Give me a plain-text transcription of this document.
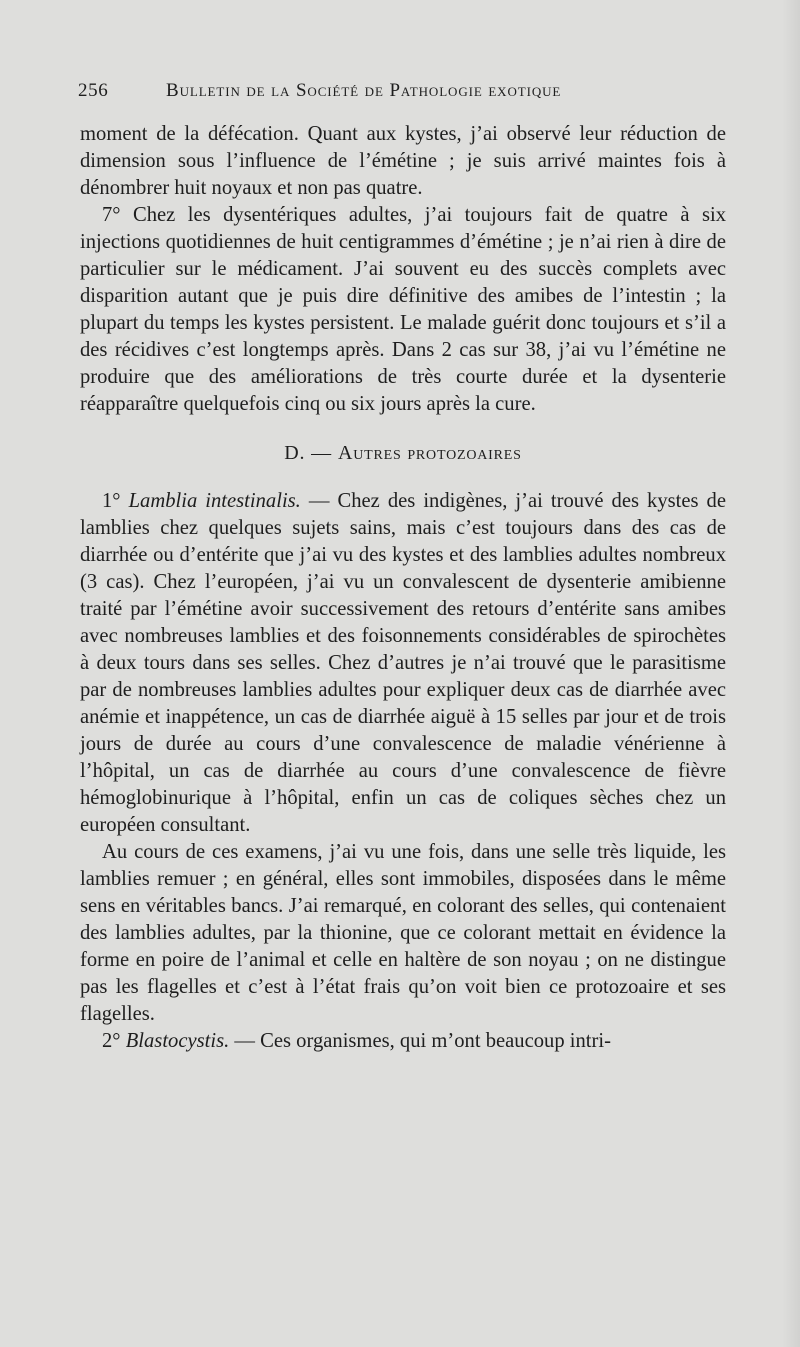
256	Bulletin de la Société de Pathologie exotique

moment de la défécation. Quant aux kystes, j’ai observé leur réduction de dimension sous l’influence de l’émétine ; je suis arrivé maintes fois à dénombrer huit noyaux et non pas quatre.

7° Chez les dysentériques adultes, j’ai toujours fait de quatre à six injections quotidiennes de huit centigrammes d’émétine ; je n’ai rien à dire de particulier sur le médicament. J’ai souvent eu des succès complets avec disparition autant que je puis dire définitive des amibes de l’intestin ; la plupart du temps les kystes persistent. Le malade guérit donc toujours et s’il a des récidives c’est longtemps après. Dans 2 cas sur 38, j’ai vu l’émétine ne produire que des améliorations de très courte durée et la dysenterie réapparaître quelquefois cinq ou six jours après la cure.

D. — Autres protozoaires

1° Lamblia intestinalis. — Chez des indigènes, j’ai trouvé des kystes de lamblies chez quelques sujets sains, mais c’est toujours dans des cas de diarrhée ou d’entérite que j’ai vu des kystes et des lamblies adultes nombreux (3 cas). Chez l’européen, j’ai vu un convalescent de dysenterie amibienne traité par l’émétine avoir successivement des retours d’entérite sans amibes avec nombreuses lamblies et des foisonnements considérables de spirochètes à deux tours dans ses selles. Chez d’autres je n’ai trouvé que le parasitisme par de nombreuses lamblies adultes pour expliquer deux cas de diarrhée avec anémie et inappétence, un cas de diarrhée aiguë à 15 selles par jour et de trois jours de durée au cours d’une convalescence de maladie vénérienne à l’hôpital, un cas de diarrhée au cours d’une convalescence de fièvre hémoglobinurique à l’hôpital, enfin un cas de coliques sèches chez un européen consultant.

Au cours de ces examens, j’ai vu une fois, dans une selle très liquide, les lamblies remuer ; en général, elles sont immobiles, disposées dans le même sens en véritables bancs. J’ai remarqué, en colorant des selles, qui contenaient des lamblies adultes, par la thionine, que ce colorant mettait en évidence la forme en poire de l’animal et celle en haltère de son noyau ; on ne distingue pas les flagelles et c’est à l’état frais qu’on voit bien ce protozoaire et ses flagelles.

2° Blastocystis. — Ces organismes, qui m’ont beaucoup intri-
